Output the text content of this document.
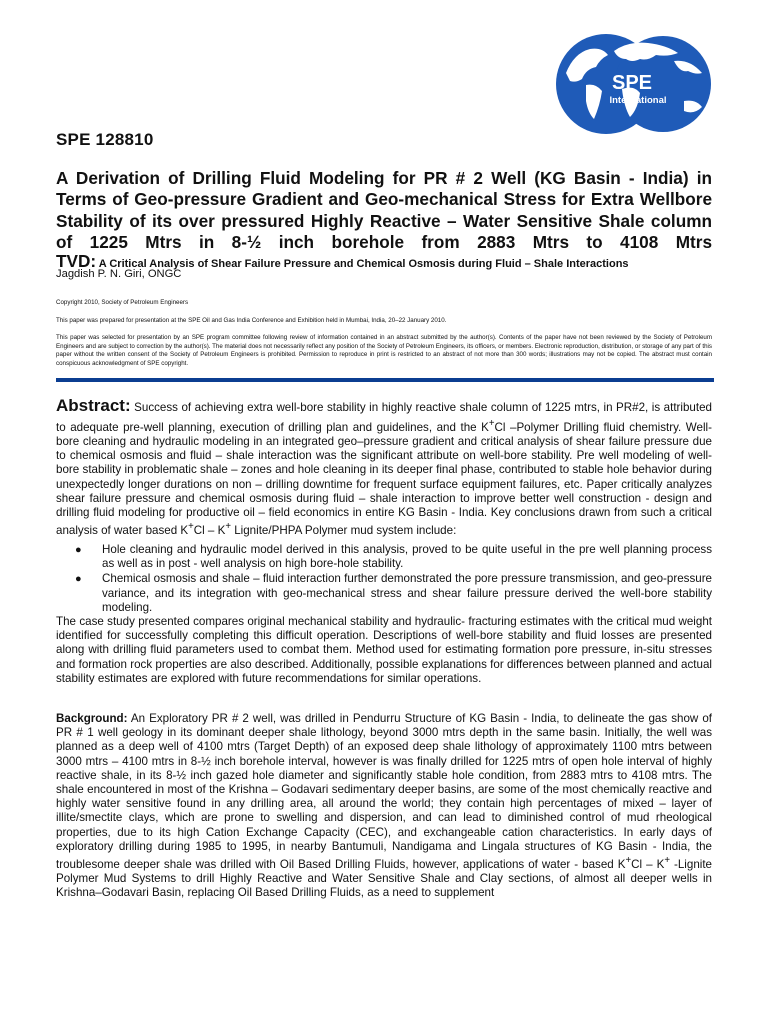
SPE
International
SPE 128810

A Derivation of Drilling Fluid Modeling for PR # 2 Well (KG Basin - India) in Terms of Geo-pressure Gradient and Geo-mechanical Stress for Extra Wellbore Stability of its over pressured Highly Reactive – Water Sensitive Shale column of 1225 Mtrs in 8-½ inch borehole from 2883 Mtrs to 4108 Mtrs

TVD: A Critical Analysis of Shear Failure Pressure and Chemical Osmosis during Fluid – Shale Interactions
Jagdish P. N. Giri, ONGC
Copyright 2010, Society of Petroleum Engineers
This paper was prepared for presentation at the SPE Oil and Gas India Conference and Exhibition held in Mumbai, India, 20–22 January 2010.

This paper was selected for presentation by an SPE program committee following review of information contained in an abstract submitted by the author(s). Contents of the paper have not been reviewed by the Society of Petroleum Engineers and are subject to correction by the author(s). The material does not necessarily reflect any position of the Society of Petroleum Engineers, its officers, or members. Electronic reproduction, distribution, or storage of any part of this paper without the written consent of the Society of Petroleum Engineers is prohibited. Permission to reproduce in print is restricted to an abstract of not more than 300 words; illustrations may not be copied. The abstract must contain conspicuous acknowledgment of SPE copyright.

Abstract: Success of achieving extra well-bore stability in highly reactive shale column of 1225 mtrs, in PR#2, is attributed to adequate pre-well planning, execution of drilling plan and guidelines, and the K+Cl –Polymer Drilling fluid chemistry. Well-bore cleaning and hydraulic modeling in an integrated geo–pressure gradient and critical analysis of shear failure pressure due to chemical osmosis and fluid – shale interaction was the significant attribute on well-bore stability. Pre well modeling of well-bore stability in problematic shale – zones and hole cleaning in its deeper final phase, contributed to stable hole behavior during unexpectedly longer durations on non – drilling downtime for frequent surface equipment failures, etc. Paper critically analyzes shear failure pressure and chemical osmosis during fluid – shale interaction to improve better well construction - design and drilling fluid modeling for productive oil – field economics in entire KG Basin - India. Key conclusions drawn from such a critical analysis of water based K+Cl – K+ Lignite/PHPA Polymer mud system include:

● Hole cleaning and hydraulic model derived in this analysis, proved to be quite useful in the pre well planning process as well as in post - well analysis on high bore-hole stability.
● Chemical osmosis and shale – fluid interaction further demonstrated the pore pressure transmission, and geo-pressure variance, and its integration with geo-mechanical stress and shear failure pressure derived the well-bore stability modeling.

The case study presented compares original mechanical stability and hydraulic- fracturing estimates with the critical mud weight identified for successfully completing this difficult operation. Descriptions of well-bore stability and fluid losses are presented along with drilling fluid parameters used to combat them. Method used for estimating formation pore pressure, in-situ stresses and formation rock properties are also described. Additionally, possible explanations for differences between planned and actual stability estimates are explored with future recommendations for similar operations.

Background: An Exploratory PR # 2 well, was drilled in Pendurru Structure of KG Basin - India, to delineate the gas show of PR # 1 well geology in its dominant deeper shale lithology, beyond 3000 mtrs depth in the same basin. Initially, the well was planned as a deep well of 4100 mtrs (Target Depth) of an exposed deep shale lithology of approximately 1100 mtrs between 3000 mtrs – 4100 mtrs in 8-½ inch borehole interval, however is was finally drilled for 1225 mtrs of open hole interval of highly reactive shale, in its 8-½ inch gazed hole diameter and significantly stable hole condition, from 2883 mtrs to 4108 mtrs. The shale encountered in most of the Krishna – Godavari sedimentary deeper basins, are some of the most chemically reactive and highly water sensitive found in any drilling area, all around the world; they contain high percentages of mixed – layer of illite/smectite clays, which are prone to swelling and dispersion, and can lead to diminished control of mud rheological properties, due to its high Cation Exchange Capacity (CEC), and exchangeable cation characteristics. In early days of exploratory drilling during 1985 to 1995, in nearby Bantumuli, Nandigama and Lingala structures of KG Basin - India, the troublesome deeper shale was drilled with Oil Based Drilling Fluids, however, applications of water - based K+Cl – K+ -Lignite Polymer Mud Systems to drill Highly Reactive and Water Sensitive Shale and Clay sections, of almost all deeper wells in Krishna–Godavari Basin, replacing Oil Based Drilling Fluids, as a need to supplement
